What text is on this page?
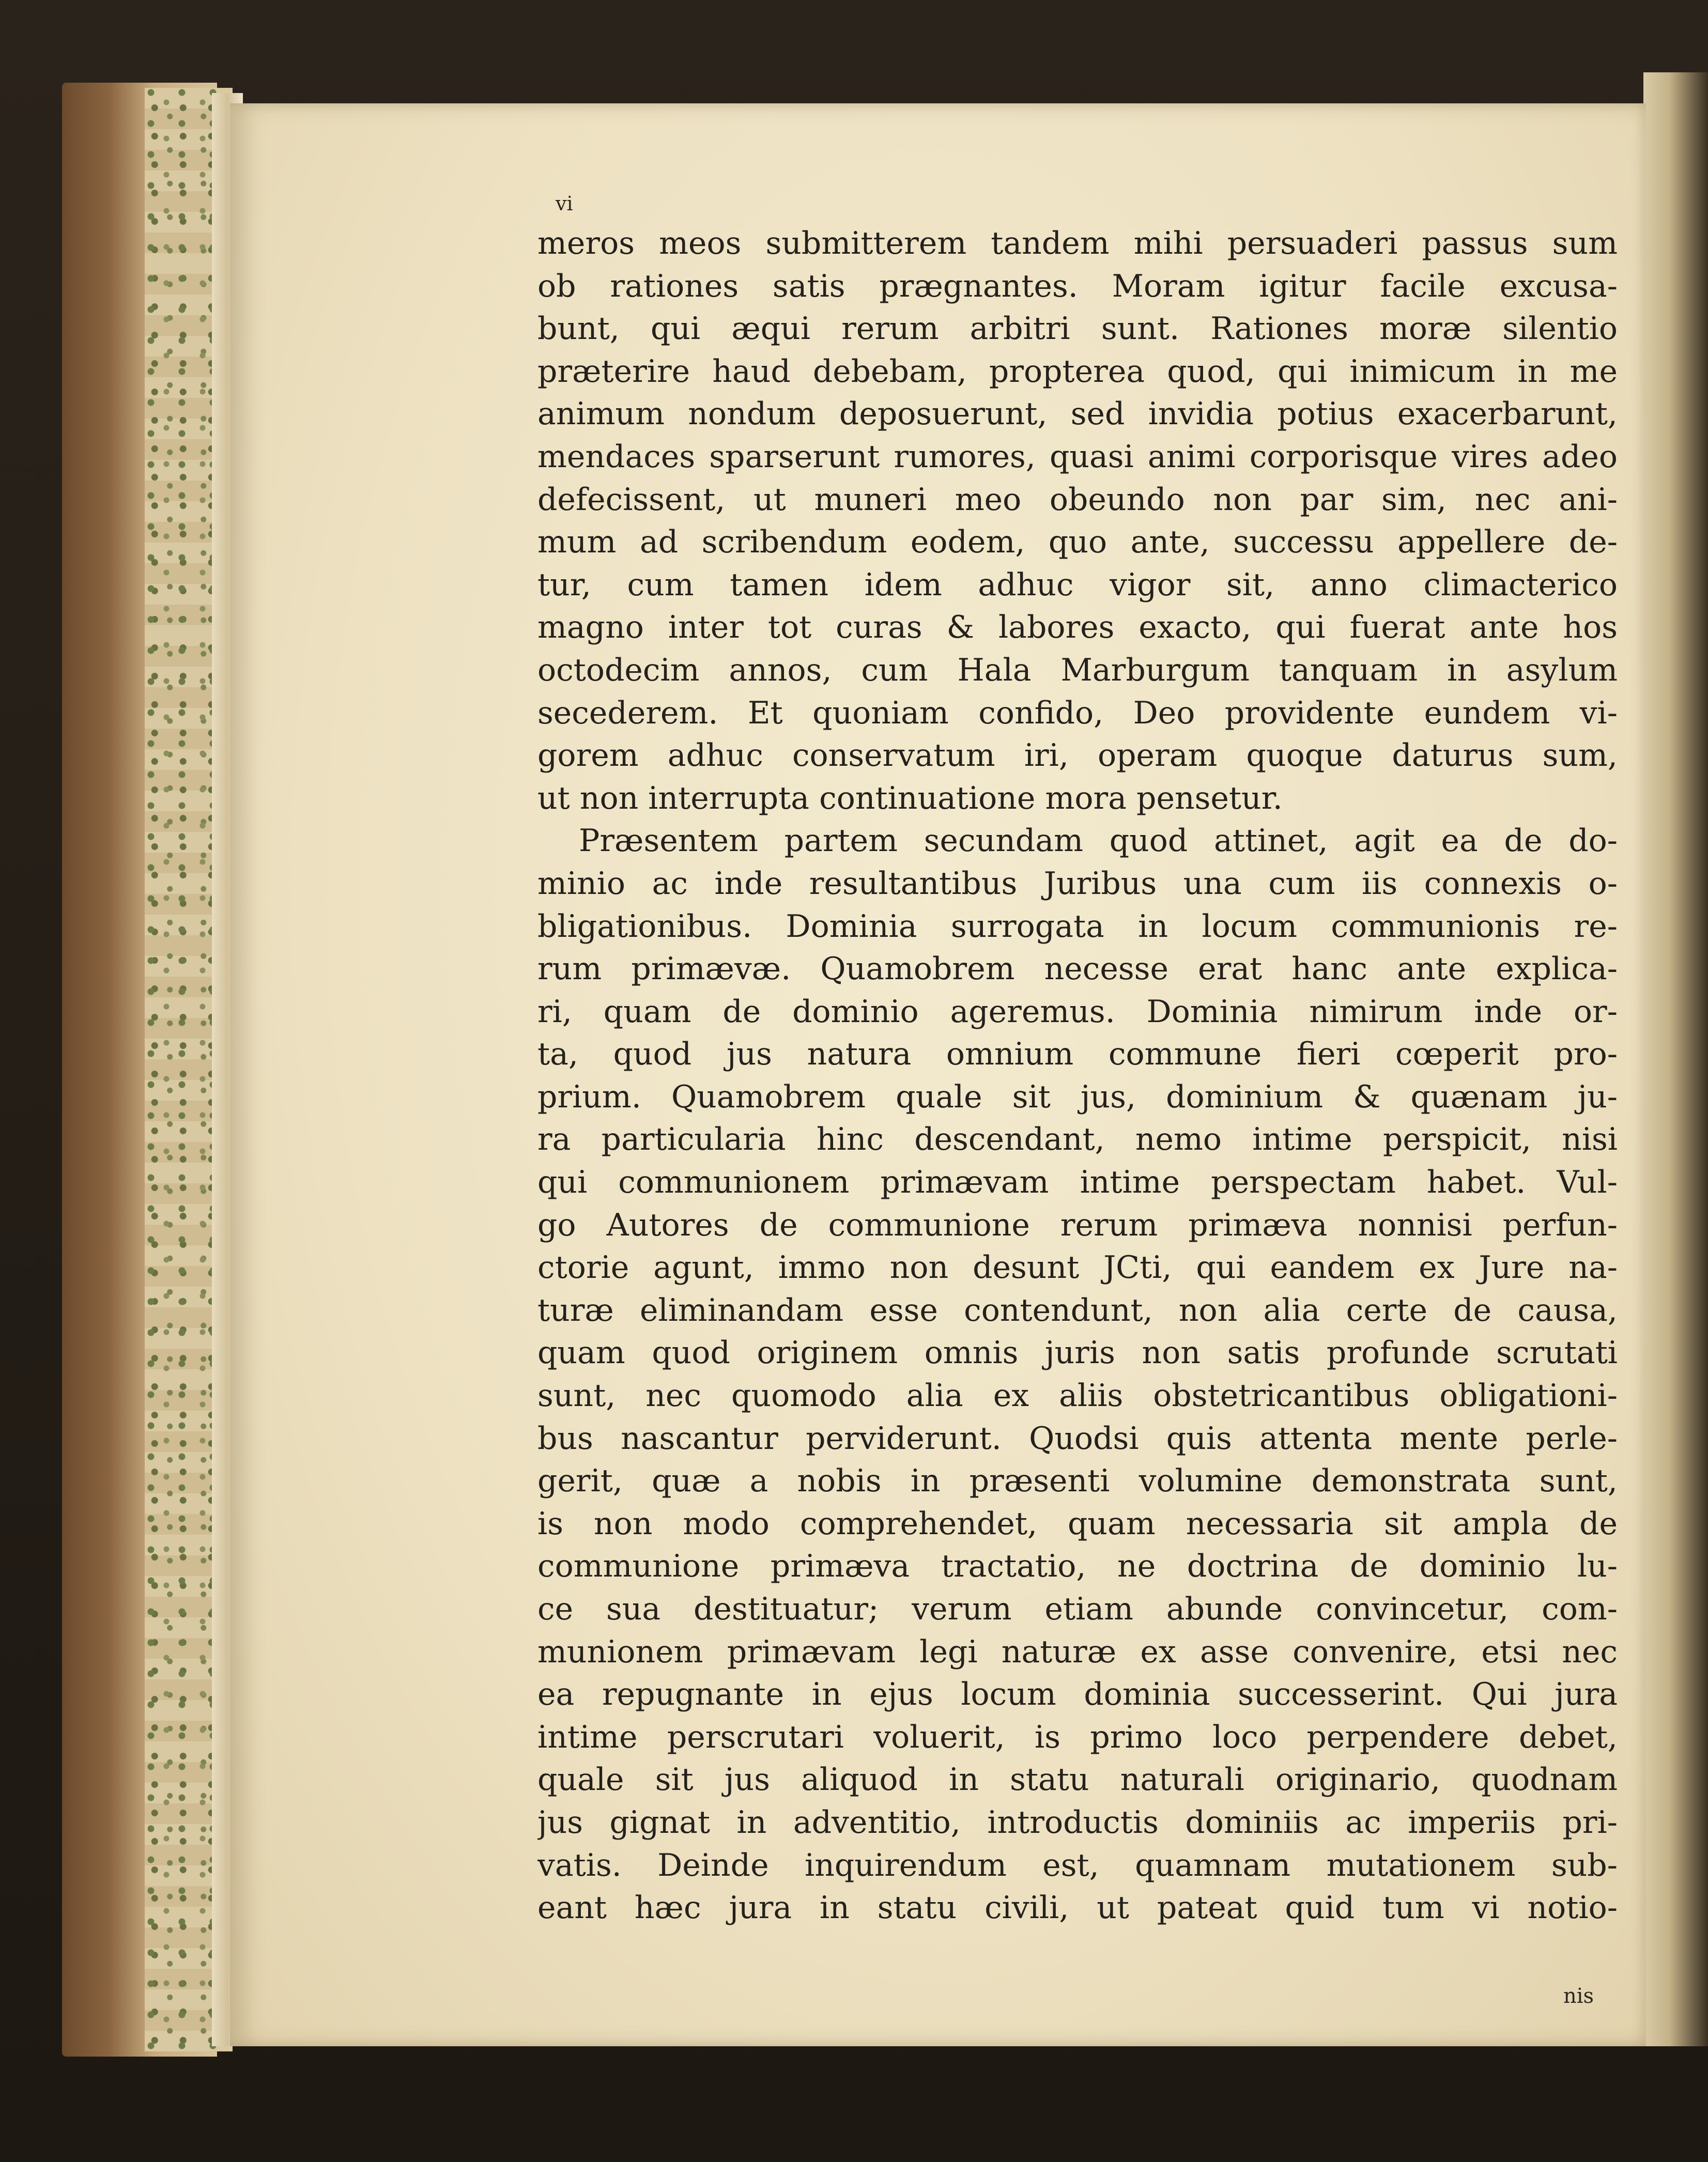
vi
meros meos submitterem tandem mihi persuaderi passus sum
ob rationes satis prægnantes. Moram igitur facile excusa-
bunt, qui æqui rerum arbitri sunt. Rationes moræ silentio
præterire haud debebam, propterea quod, qui inimicum in me
animum nondum deposuerunt, sed invidia potius exacerbarunt,
mendaces sparserunt rumores, quasi animi corporisque vires adeo
defecissent, ut muneri meo obeundo non par sim, nec ani-
mum ad scribendum eodem, quo ante, successu appellere de-
tur, cum tamen idem adhuc vigor sit, anno climacterico
magno inter tot curas & labores exacto, qui fuerat ante hos
octodecim annos, cum Hala Marburgum tanquam in asylum
secederem. Et quoniam confido, Deo providente eundem vi-
gorem adhuc conservatum iri, operam quoque daturus sum,
ut non interrupta continuatione mora pensetur.
Præsentem partem secundam quod attinet, agit ea de do-
minio ac inde resultantibus Juribus una cum iis connexis o-
bligationibus. Dominia surrogata in locum communionis re-
rum primævæ. Quamobrem necesse erat hanc ante explica-
ri, quam de dominio ageremus. Dominia nimirum inde or-
ta, quod jus natura omnium commune fieri cœperit pro-
prium. Quamobrem quale sit jus, dominium & quænam ju-
ra particularia hinc descendant, nemo intime perspicit, nisi
qui communionem primævam intime perspectam habet. Vul-
go Autores de communione rerum primæva nonnisi perfun-
ctorie agunt, immo non desunt JCti, qui eandem ex Jure na-
turæ eliminandam esse contendunt, non alia certe de causa,
quam quod originem omnis juris non satis profunde scrutati
sunt, nec quomodo alia ex aliis obstetricantibus obligationi-
bus nascantur perviderunt. Quodsi quis attenta mente perle-
gerit, quæ a nobis in præsenti volumine demonstrata sunt,
is non modo comprehendet, quam necessaria sit ampla de
communione primæva tractatio, ne doctrina de dominio lu-
ce sua destituatur; verum etiam abunde convincetur, com-
munionem primævam legi naturæ ex asse convenire, etsi nec
ea repugnante in ejus locum dominia successerint. Qui jura
intime perscrutari voluerit, is primo loco perpendere debet,
quale sit jus aliquod in statu naturali originario, quodnam
jus gignat in adventitio, introductis dominiis ac imperiis pri-
vatis. Deinde inquirendum est, quamnam mutationem sub-
eant hæc jura in statu civili, ut pateat quid tum vi notio-
nis
